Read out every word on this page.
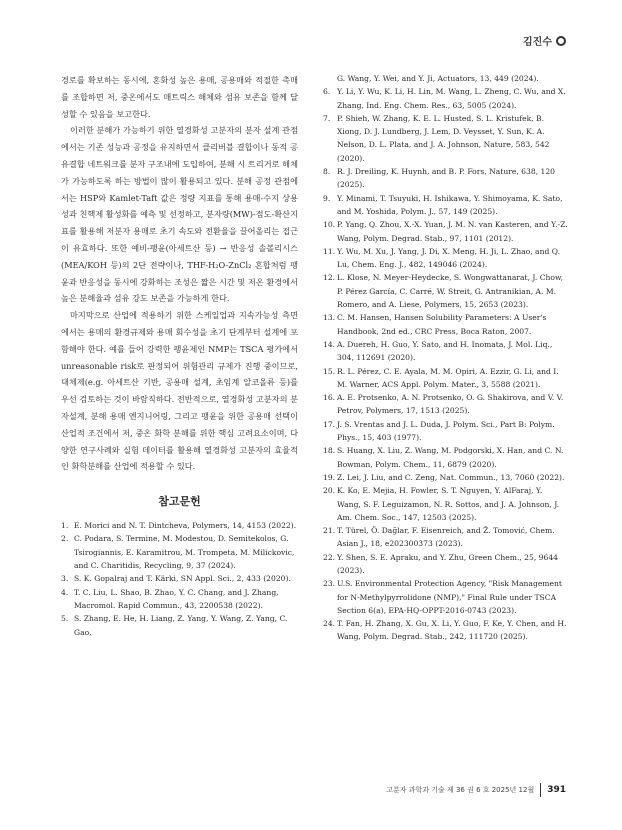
김진수

경로를 확보하는 동시에, 혼화성 높은 용매, 공용매와 적절한 촉매를 조합하면 저, 중온에서도 매트릭스 해체와 섬유 보존을 함께 달성할 수 있음을 보고한다.

이러한 분해가 가능하기 위한 열경화성 고분자의 분자 설계 관점에서는 기존 성능과 공정을 유지하면서 클리버블 결합이나 동적 공유결합 네트워크를 분자 구조내에 도입하여, 분해 시 트리거로 해체가 가능하도록 하는 방법이 많이 활용되고 있다. 분해 공정 관점에서는 HSP와 Kamlet-Taft 값은 정량 지표를 통해 용매-수지 상용성과 친핵제 활성화를 예측 및 선정하고, 분자량(MW)-점도-확산지표를 활용해 저분자 용매로 초기 속도와 전환율을 끌어올리는 접근이 유효하다. 또한 예비-팽윤(아세트산 등) → 반응성 솔볼리시스(MEA/KOH 등)의 2단 전략이나, THF-H₂O-ZnCl₂ 혼합처럼 팽윤과 반응성을 동시에 강화하는 조성은 짧은 시간 및 저온 환경에서 높은 분해율과 섬유 강도 보존을 가능하게 한다.

마지막으로 산업에 적용하기 위한 스케일업과 지속가능성 측면에서는 용매의 환경규제와 용매 회수성을 초기 단계부터 설계에 포함해야 한다. 예를 들어 강력한 팽윤제인 NMP는 TSCA 평가에서 unreasonable risk로 판정되어 위험관리 규제가 진행 중이므로, 대체제(e.g. 아세트산 기반, 공용매 설계, 초임계 알코올류 등)를 우선 검토하는 것이 바람직하다. 전반적으로, 열경화성 고분자의 분자설계, 분해 용매 엔지니어링, 그리고 팽윤을 위한 공용매 선택이 산업적 조건에서 저, 중온 화학 분해를 위한 핵심 고려요소이며, 다양한 연구사례와 실험 데이터를 활용해 열경화성 고분자의 효율적인 화학분해를 산업에 적용할 수 있다.

참고문헌
1. E. Morici and N. T. Dintcheva, Polymers, 14, 4153 (2022).
2. C. Podara, S. Termine, M. Modestou, D. Semitekolos, G. Tsirogiannis, E. Karamitrou, M. Trompeta, M. Milickovic, and C. Charitidis, Recycling, 9, 37 (2024).
3. S. K. Gopalraj and T. Kärki, SN Appl. Sci., 2, 433 (2020).
4. T. C. Liu, L. Shao, B. Zhao, Y. C. Chang, and J. Zhang, Macromol. Rapid Commun., 43, 2200538 (2022).
5. S. Zhang, E. He, H. Liang, Z. Yang, Y. Wang, Z. Yang, C. Gao,
G. Wang, Y. Wei, and Y. Ji, Actuators, 13, 449 (2024).
6. Y. Li, Y. Wu, K. Li, H. Lin, M. Wang, L. Zheng, C. Wu, and X. Zhang, Ind. Eng. Chem. Res., 63, 5005 (2024).
7. P. Shieh, W. Zhang, K. E. L. Husted, S. L. Kristufek, B. Xiong, D. J. Lundberg, J. Lem, D. Veysset, Y. Sun, K. A. Nelson, D. L. Plata, and J. A. Johnson, Nature, 583, 542 (2020).
8. R. J. Dreiling, K. Huynh, and B. P. Fors, Nature, 638, 120 (2025).
9. Y. Minami, T. Tsuyuki, H. Ishikawa, Y. Shimoyama, K. Sato, and M. Yoshida, Polym. J., 57, 149 (2025).
10. P. Yang, Q. Zhou, X.-X. Yuan, J. M. N. van Kasteren, and Y.-Z. Wang, Polym. Degrad. Stab., 97, 1101 (2012).
11. Y. Wu, M. Xu, J. Yang, J. Di, X. Meng, H. Ji, L. Zhao, and Q. Lu, Chem. Eng. J., 482, 149046 (2024).
12. L. Klose, N. Meyer-Heydecke, S. Wongwattanarat, J. Chow, P. Pérez García, C. Carré, W. Streit, G. Antranikian, A. M. Romero, and A. Liese, Polymers, 15, 2653 (2023).
13. C. M. Hansen, Hansen Solubility Parameters: A User's Handbook, 2nd ed., CRC Press, Boca Raton, 2007.
14. A. Duereh, H. Guo, Y. Sato, and H. Inomata, J. Mol. Liq., 304, 112691 (2020).
15. R. L. Pérez, C. E. Ayala, M. M. Opiri, A. Ezzir, G. Li, and I. M. Warner, ACS Appl. Polym. Mater., 3, 5588 (2021).
16. A. E. Protsenko, A. N. Protsenko, O. G. Shakirova, and V. V. Petrov, Polymers, 17, 1513 (2025).
17. J. S. Vrentas and J. L. Duda, J. Polym. Sci., Part B: Polym. Phys., 15, 403 (1977).
18. S. Huang, X. Liu, Z. Wang, M. Podgorski, X. Han, and C. N. Bowman, Polym. Chem., 11, 6879 (2020).
19. Z. Lei, J. Liu, and C. Zeng, Nat. Commun., 13, 7060 (2022).
20. K. Ko, E. Mejia, H. Fowler, S. T. Nguyen, Y. AlFaraj, Y. Wang, S. F. Leguizamon, N. R. Sottos, and J. A. Johnson, J. Am. Chem. Soc., 147, 12503 (2025).
21. T. Türel, Ö. Dağlar, F. Eisenreich, and Ž. Tomović, Chem. Asian J., 18, e202300373 (2023).
22. Y. Shen, S. E. Apraku, and Y. Zhu, Green Chem., 25, 9644 (2023).
23. U.S. Environmental Protection Agency, "Risk Management for N-Methylpyrrolidone (NMP)," Final Rule under TSCA Section 6(a), EPA-HQ-OPPT-2016-0743 (2023).
24. T. Fan, H. Zhang, X. Gu, X. Li, Y. Guo, F. Ke, Y. Chen, and H. Wang, Polym. Degrad. Stab., 242, 111720 (2025).
고분자 과학과 기술 제 36 권 6 호 2025년 12월 391
